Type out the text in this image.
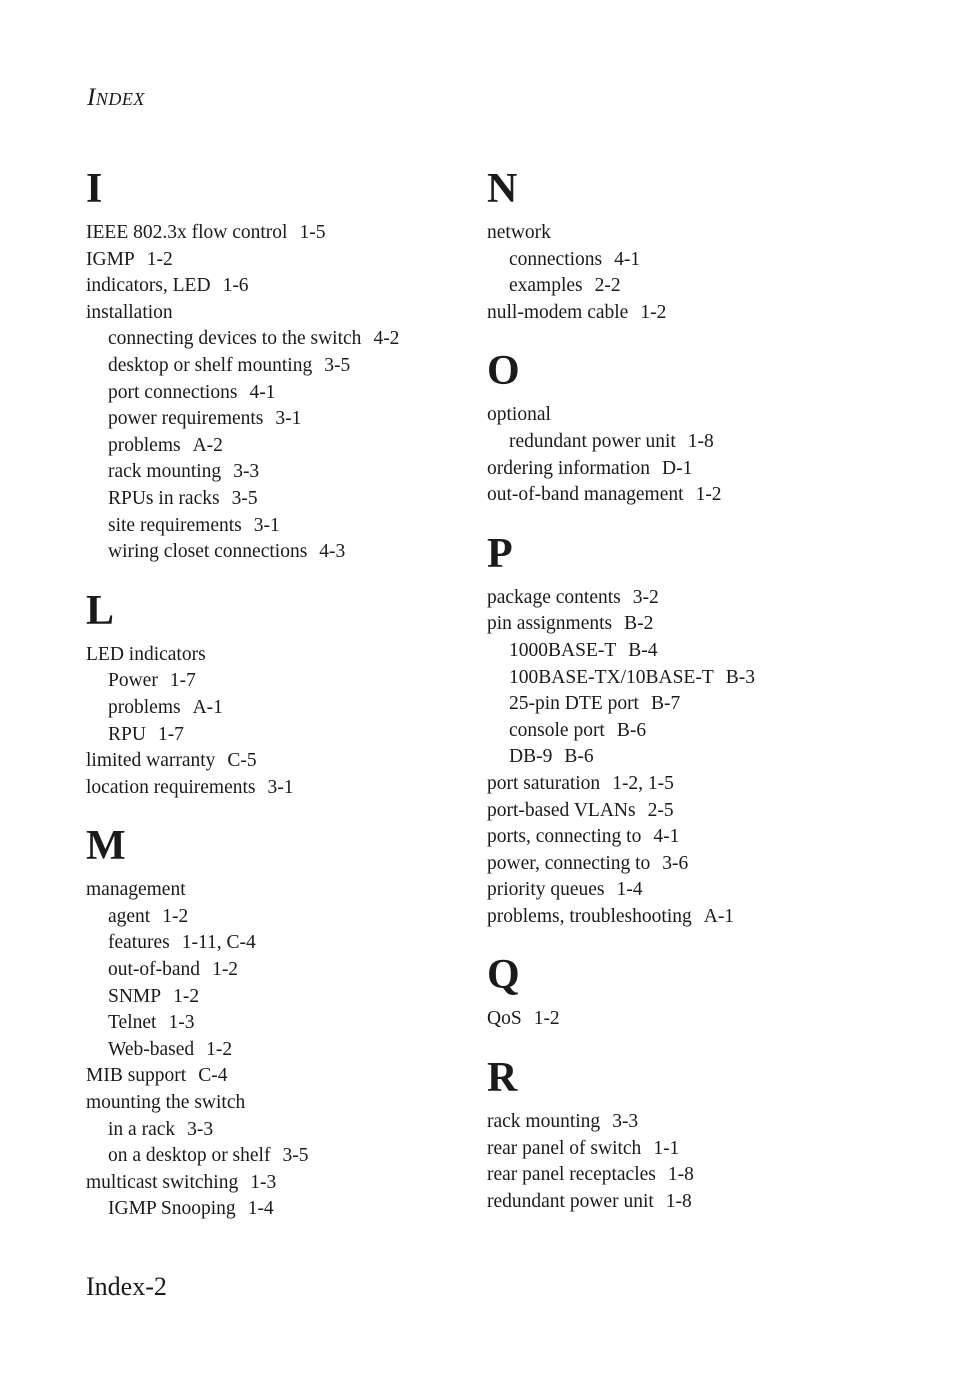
INDEX
I
IEEE 802.3x flow control 1-5
IGMP 1-2
indicators, LED 1-6
installation
connecting devices to the switch 4-2
desktop or shelf mounting 3-5
port connections 4-1
power requirements 3-1
problems A-2
rack mounting 3-3
RPUs in racks 3-5
site requirements 3-1
wiring closet connections 4-3
L
LED indicators
Power 1-7
problems A-1
RPU 1-7
limited warranty C-5
location requirements 3-1
M
management
agent 1-2
features 1-11, C-4
out-of-band 1-2
SNMP 1-2
Telnet 1-3
Web-based 1-2
MIB support C-4
mounting the switch
in a rack 3-3
on a desktop or shelf 3-5
multicast switching 1-3
IGMP Snooping 1-4
N
network
connections 4-1
examples 2-2
null-modem cable 1-2
O
optional
redundant power unit 1-8
ordering information D-1
out-of-band management 1-2
P
package contents 3-2
pin assignments B-2
1000BASE-T B-4
100BASE-TX/10BASE-T B-3
25-pin DTE port B-7
console port B-6
DB-9 B-6
port saturation 1-2, 1-5
port-based VLANs 2-5
ports, connecting to 4-1
power, connecting to 3-6
priority queues 1-4
problems, troubleshooting A-1
Q
QoS 1-2
R
rack mounting 3-3
rear panel of switch 1-1
rear panel receptacles 1-8
redundant power unit 1-8
Index-2
